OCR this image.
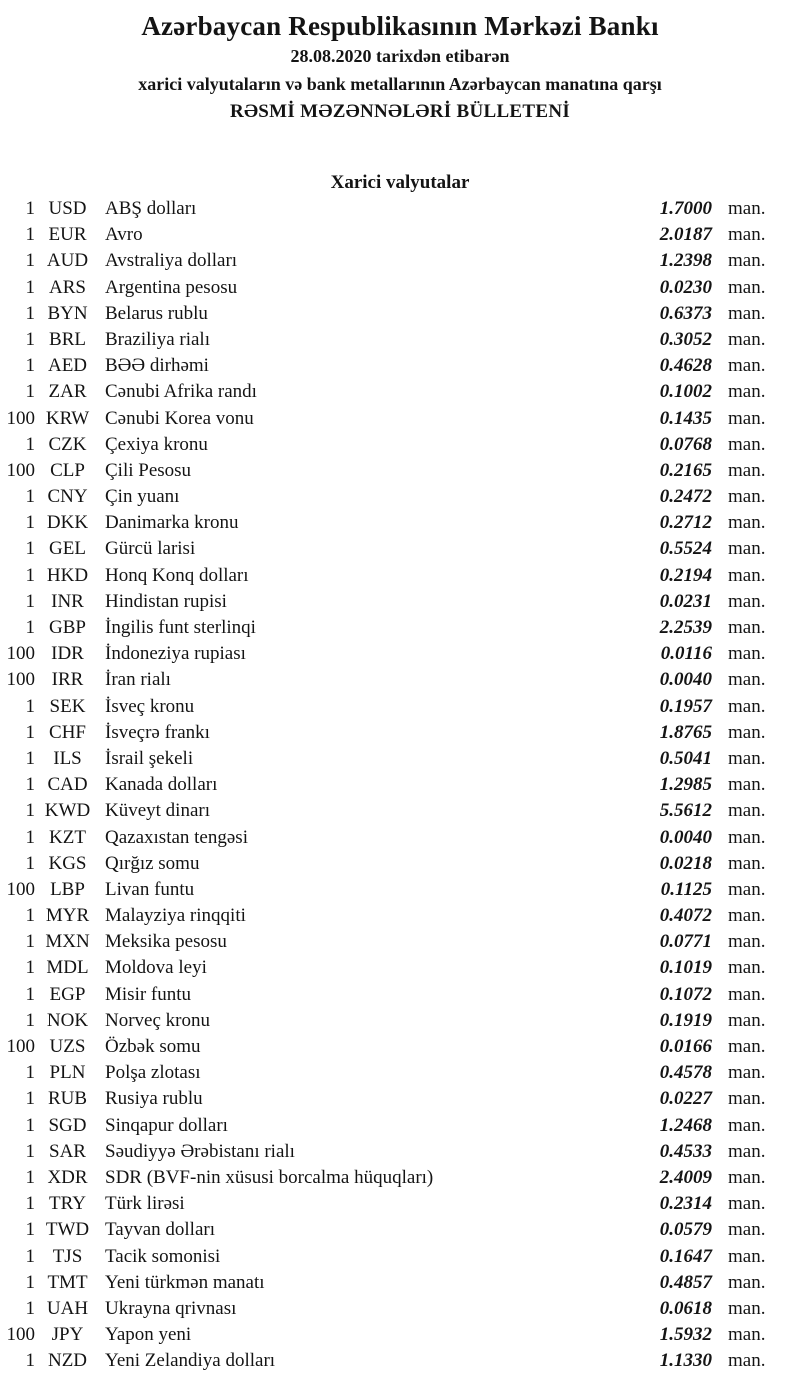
Azərbaycan Respublikasının Mərkəzi Bankı
28.08.2020 tarixdən etibarən
xarici valyutaların və bank metallarının Azərbaycan manatına qarşı
RƏSMİ MƏZƏNNƏLƏRİ BÜLLETENİ
Xarici valyutalar
1 USD ABŞ dolları	1.7000 man.
1 EUR Avro	2.0187 man.
1 AUD Avstraliya dolları	1.2398 man.
1 ARS	Argentina pesosu	0.0230 man.
1 BYN Belarus rublu	0.6373 man.
1 BRL	Braziliya rialı	0.3052 man.
1 AED BƏƏ dirhəmi	0.4628 man.
1 ZAR Cənubi Afrika randı	0.1002 man.
100 KRW Cənubi Korea vonu	0.1435 man.
1 CZK Çexiya kronu	0.0768 man.
100 CLP	Çili Pesosu	0.2165 man.
1 CNY Çin yuanı	0.2472 man.
1 DKK Danimarka kronu	0.2712 man.
1 GEL	Gürcü larisi	0.5524 man.
1 HKD Honq Konq dolları	0.2194 man.
1 INR	Hindistan rupisi	0.0231 man.
1 GBP	İngilis funt sterlinqi	2.2539 man.
100 IDR	İndoneziya rupiası	0.0116 man.
100 IRR	İran rialı	0.0040 man.
1 SEK	İsveç kronu	0.1957 man.
1 CHF	İsveçrə frankı	1.8765 man.
1 ILS	İsrail şekeli	0.5041 man.
1 CAD Kanada dolları	1.2985 man.
1 KWD Küveyt dinarı	5.5612 man.
1 KZT	Qazaxıstan tengəsi	0.0040 man.
1 KGS Qırğız somu	0.0218 man.
100 LBP	Livan funtu	0.1125 man.
1 MYR Malayziya rinqqiti	0.4072 man.
1 MXN Meksika pesosu	0.0771 man.
1 MDL Moldova leyi	0.1019 man.
1 EGP	Misir funtu	0.1072 man.
1 NOK Norveç kronu	0.1919 man.
100 UZS	Özbək somu	0.0166 man.
1 PLN	Polşa zlotası	0.4578 man.
1 RUB Rusiya rublu	0.0227 man.
1 SGD Sinqapur dolları	1.2468 man.
1 SAR	Səudiyyə Ərəbistanı rialı	0.4533 man.
1 XDR SDR (BVF-nin xüsusi borcalma hüquqları)	2.4009 man.
1 TRY	Türk lirəsi	0.2314 man.
1 TWD Tayvan dolları	0.0579 man.
1 TJS	Tacik somonisi	0.1647 man.
1 TMT Yeni türkmən manatı	0.4857 man.
1 UAH Ukrayna qrivnası	0.0618 man.
100 JPY	Yapon yeni	1.5932 man.
1 NZD Yeni Zelandiya dolları	1.1330 man.
